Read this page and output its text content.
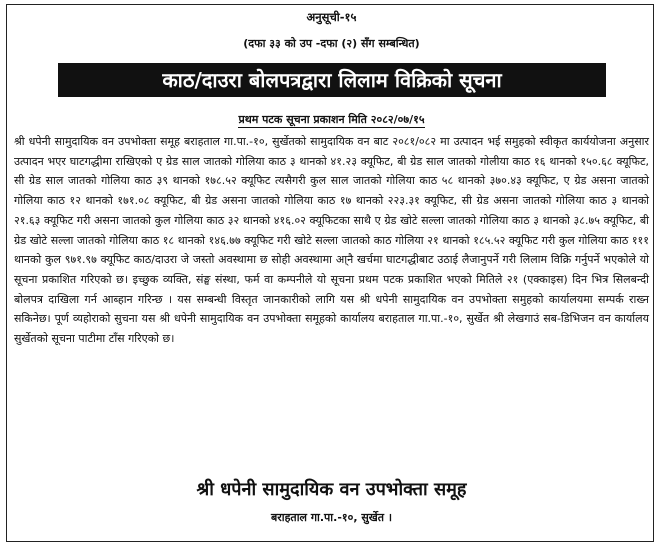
अनुसूची-१५
(दफा ३३ को उप -दफा (२) सँग सम्बन्धित)
काठ/दाउरा बोलपत्रद्वारा लिलाम विक्रिको सूचना
प्रथम पटक सूचना प्रकाशन मिति २०८२/०७/१५
श्री धपेनी सामुदायिक वन उपभोक्ता समूह बराहताल गा.पा.-१०, सुर्खेतको सामुदायिक वन बाट २०८१/०८२ मा उत्पादन भई समुहको स्वीकृत कार्ययोजना अनुसार उत्पादन भएर घाटगद्धीमा राखिएको ए ग्रेड साल जातको गोलिया काठ ३ थानको ४१.२३ क्यूफिट, बी ग्रेड साल जातको गोलीया काठ १६ थानको १५०.६८ क्यूफिट, सी ग्रेड साल जातको गोलिया काठ ३९ थानको १७८.५२ क्यूफिट त्यसैगरी कुल साल जातको गोलिया काठ ५८ थानको ३७०.४३ क्यूफिट, ए ग्रेड असना जातको गोलिया काठ १२ थानको १७१.०८ क्यूफिट, बी ग्रेड असना जातको गोलिया काठ १७ थानको २२३.३१ क्यूफिट, सी ग्रेड असना जातको गोलिया काठ ३ थानको २१.६३ क्यूफिट गरी असना जातको कुल गोलिया काठ ३२ थानको ४१६.०२ क्यूफिटका साथै ए ग्रेड खोटे सल्ला जातको गोलिया काठ ३ थानको ३८.७५ क्यूफिट, बी ग्रेड खोटे सल्ला जातको गोलिया काठ १८ थानको १४६.७७ क्यूफिट गरी खोटे सल्ला जातको काठ गोलिया २१ थानको १८५.५२ क्यूफिट गरी कुल गोलिया काठ १११ थानको कुल ९७१.९७ क्यूफिट काठ/दाउरा जे जस्तो अवस्थामा छ सोही अवस्थामा आ्‌नै खर्चमा घाटगद्धीबाट उठाई लैजानुपर्ने गरी लिलाम विक्रि गर्नुपर्ने भएकोले यो सूचना प्रकाशित गरिएको छ। इच्छुक व्यक्ति, संङ्घ संस्था, फर्म वा कम्पनीले यो सूचना प्रथम पटक प्रकाशित भएको मितिले २१ (एक्काइस) दिन भित्र सिलबन्दी बोलपत्र दाखिला गर्न आब्हान गरिन्छ । यस सम्बन्धी विस्तृत जानकारीको लागि यस श्री धपेनी सामुदायिक वन उपभोक्ता समुहको कार्यालयमा सम्पर्क राख्न सकिनेछ। पूर्ण व्यहोराको सुचना यस श्री धपेनी सामुदायिक वन उपभोक्ता समूहको कार्यालय बराहताल गा.पा.-१०, सुर्खेत श्री लेखगाउं सब-डिभिजन वन कार्यालय सुर्खेतको सूचना पाटीमा टाँस गरिएको छ।
श्री धपेनी सामुदायिक वन उपभोक्ता समूह
बराहताल गा.पा.-१०, सुर्खेत ।
